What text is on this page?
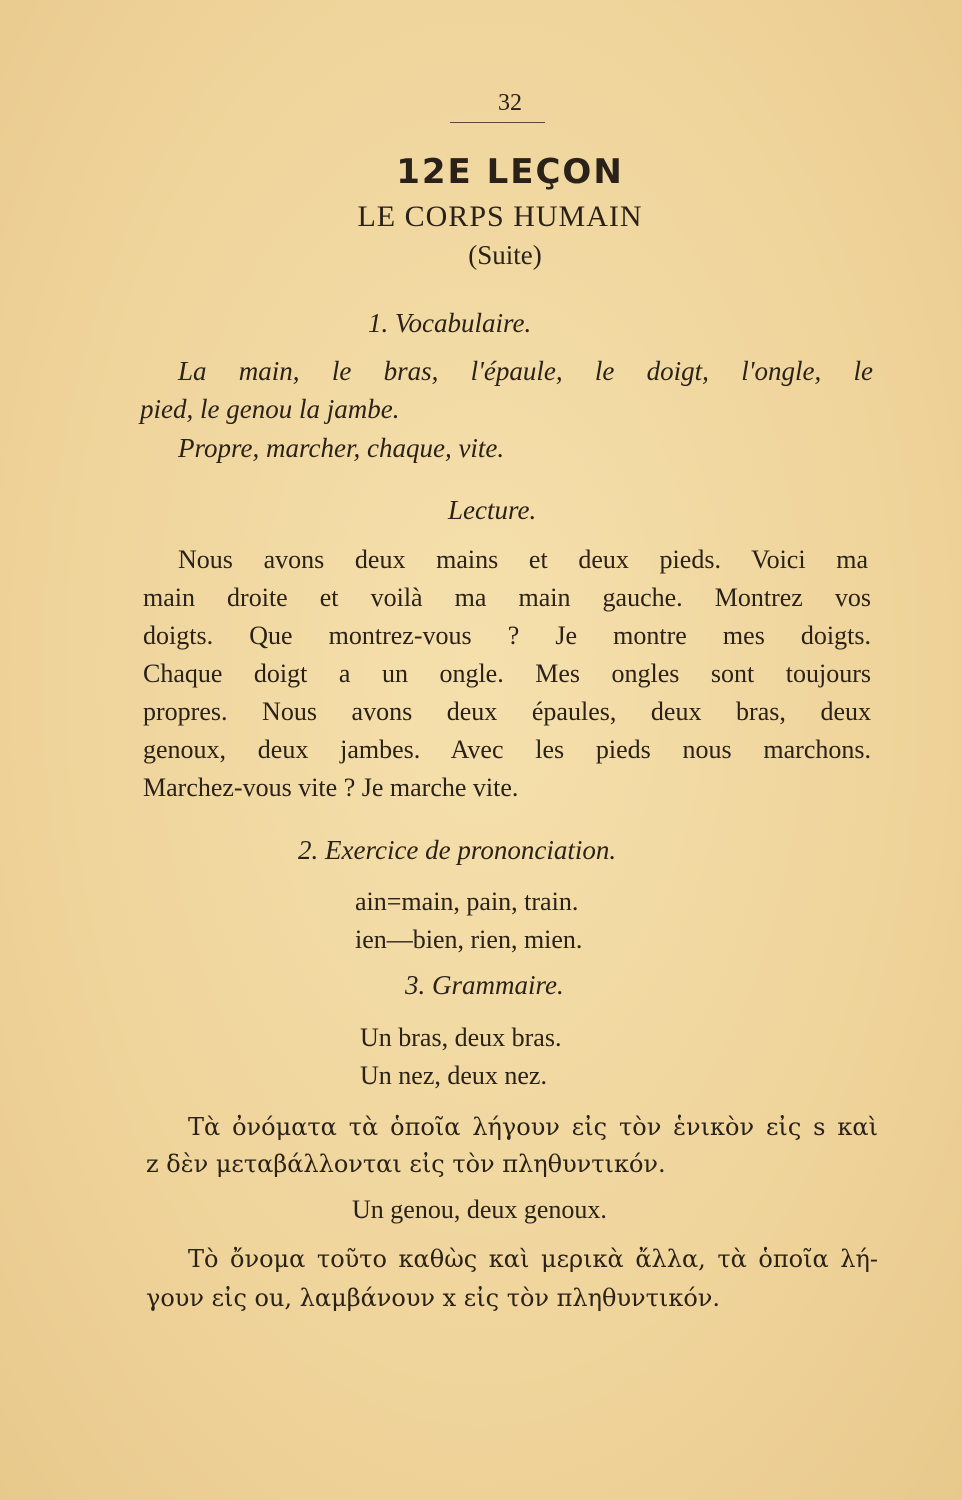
32
12E LEÇON
LE CORPS HUMAIN
(Suite)
1. Vocabulaire.
La main, le bras, l'épaule, le doigt, l'ongle, le
pied, le genou la jambe.
Propre, marcher, chaque, vite.
Lecture.
Nous avons deux mains et deux pieds. Voici ma
main droite et voilà ma main gauche. Montrez vos
doigts. Que montrez-vous ? Je montre mes doigts.
Chaque doigt a un ongle. Mes ongles sont toujours
propres. Nous avons deux épaules, deux bras, deux
genoux, deux jambes. Avec les pieds nous marchons.
Marchez-vous vite ? Je marche vite.
2. Exercice de prononciation.
ain=main, pain, train.
ien—bien, rien, mien.
3. Grammaire.
Un bras, deux bras.
Un nez, deux nez.
Τὰ ὀνόματα τὰ ὁποῖα λήγουν εἰς τὸν ἑνικὸν εἰς s καὶ
z δὲν μεταβάλλονται εἰς τὸν πληθυντικόν.
Un genou, deux genoux.
Τὸ ὄνομα τοῦτο καθὼς καὶ μερικὰ ἄλλα, τὰ ὁποῖα λή-
γουν εἰς ou, λαμβάνουν x εἰς τὸν πληθυντικόν.
